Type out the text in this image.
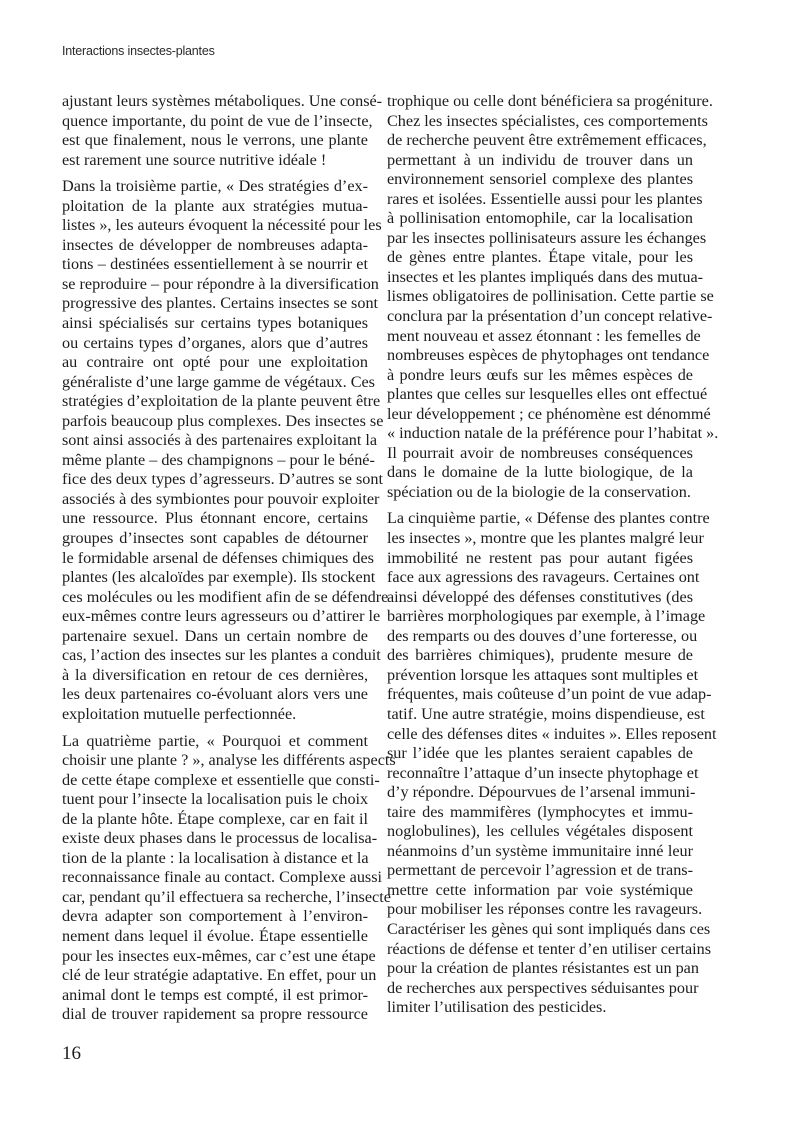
Interactions insectes-plantes
ajustant leurs systèmes métaboliques. Une consé-
quence importante, du point de vue de l’insecte,
est que finalement, nous le verrons, une plante
est rarement une source nutritive idéale !
Dans la troisième partie, « Des stratégies d’ex-
ploitation de la plante aux stratégies mutua-
listes », les auteurs évoquent la nécessité pour les
insectes de développer de nombreuses adapta-
tions – destinées essentiellement à se nourrir et
se reproduire – pour répondre à la diversification
progressive des plantes. Certains insectes se sont
ainsi spécialisés sur certains types botaniques
ou certains types d’organes, alors que d’autres
au contraire ont opté pour une exploitation
généraliste d’une large gamme de végétaux. Ces
stratégies d’exploitation de la plante peuvent être
parfois beaucoup plus complexes. Des insectes se
sont ainsi associés à des partenaires exploitant la
même plante – des champignons – pour le béné-
fice des deux types d’agresseurs. D’autres se sont
associés à des symbiontes pour pouvoir exploiter
une ressource. Plus étonnant encore, certains
groupes d’insectes sont capables de détourner
le formidable arsenal de défenses chimiques des
plantes (les alcaloïdes par exemple). Ils stockent
ces molécules ou les modifient afin de se défendre
eux-mêmes contre leurs agresseurs ou d’attirer le
partenaire sexuel. Dans un certain nombre de
cas, l’action des insectes sur les plantes a conduit
à la diversification en retour de ces dernières,
les deux partenaires co-évoluant alors vers une
exploitation mutuelle perfectionnée.
La quatrième partie, « Pourquoi et comment
choisir une plante ? », analyse les différents aspects
de cette étape complexe et essentielle que consti-
tuent pour l’insecte la localisation puis le choix
de la plante hôte. Étape complexe, car en fait il
existe deux phases dans le processus de localisa-
tion de la plante : la localisation à distance et la
reconnaissance finale au contact. Complexe aussi
car, pendant qu’il effectuera sa recherche, l’insecte
devra adapter son comportement à l’environ-
nement dans lequel il évolue. Étape essentielle
pour les insectes eux-mêmes, car c’est une étape
clé de leur stratégie adaptative. En effet, pour un
animal dont le temps est compté, il est primor-
dial de trouver rapidement sa propre ressource
trophique ou celle dont bénéficiera sa progéniture.
Chez les insectes spécialistes, ces comportements
de recherche peuvent être extrêmement efficaces,
permettant à un individu de trouver dans un
environnement sensoriel complexe des plantes
rares et isolées. Essentielle aussi pour les plantes
à pollinisation entomophile, car la localisation
par les insectes pollinisateurs assure les échanges
de gènes entre plantes. Étape vitale, pour les
insectes et les plantes impliqués dans des mutua-
lismes obligatoires de pollinisation. Cette partie se
conclura par la présentation d’un concept relative-
ment nouveau et assez étonnant : les femelles de
nombreuses espèces de phytophages ont tendance
à pondre leurs œufs sur les mêmes espèces de
plantes que celles sur lesquelles elles ont effectué
leur développement ; ce phénomène est dénommé
« induction natale de la préférence pour l’habitat ».
Il pourrait avoir de nombreuses conséquences
dans le domaine de la lutte biologique, de la
spéciation ou de la biologie de la conservation.
La cinquième partie, « Défense des plantes contre
les insectes », montre que les plantes malgré leur
immobilité ne restent pas pour autant figées
face aux agressions des ravageurs. Certaines ont
ainsi développé des défenses constitutives (des
barrières morphologiques par exemple, à l’image
des remparts ou des douves d’une forteresse, ou
des barrières chimiques), prudente mesure de
prévention lorsque les attaques sont multiples et
fréquentes, mais coûteuse d’un point de vue adap-
tatif. Une autre stratégie, moins dispendieuse, est
celle des défenses dites « induites ». Elles reposent
sur l’idée que les plantes seraient capables de
reconnaître l’attaque d’un insecte phytophage et
d’y répondre. Dépourvues de l’arsenal immuni-
taire des mammifères (lymphocytes et immu-
noglobulines), les cellules végétales disposent
néanmoins d’un système immunitaire inné leur
permettant de percevoir l’agression et de trans-
mettre cette information par voie systémique
pour mobiliser les réponses contre les ravageurs.
Caractériser les gènes qui sont impliqués dans ces
réactions de défense et tenter d’en utiliser certains
pour la création de plantes résistantes est un pan
de recherches aux perspectives séduisantes pour
limiter l’utilisation des pesticides.
16
